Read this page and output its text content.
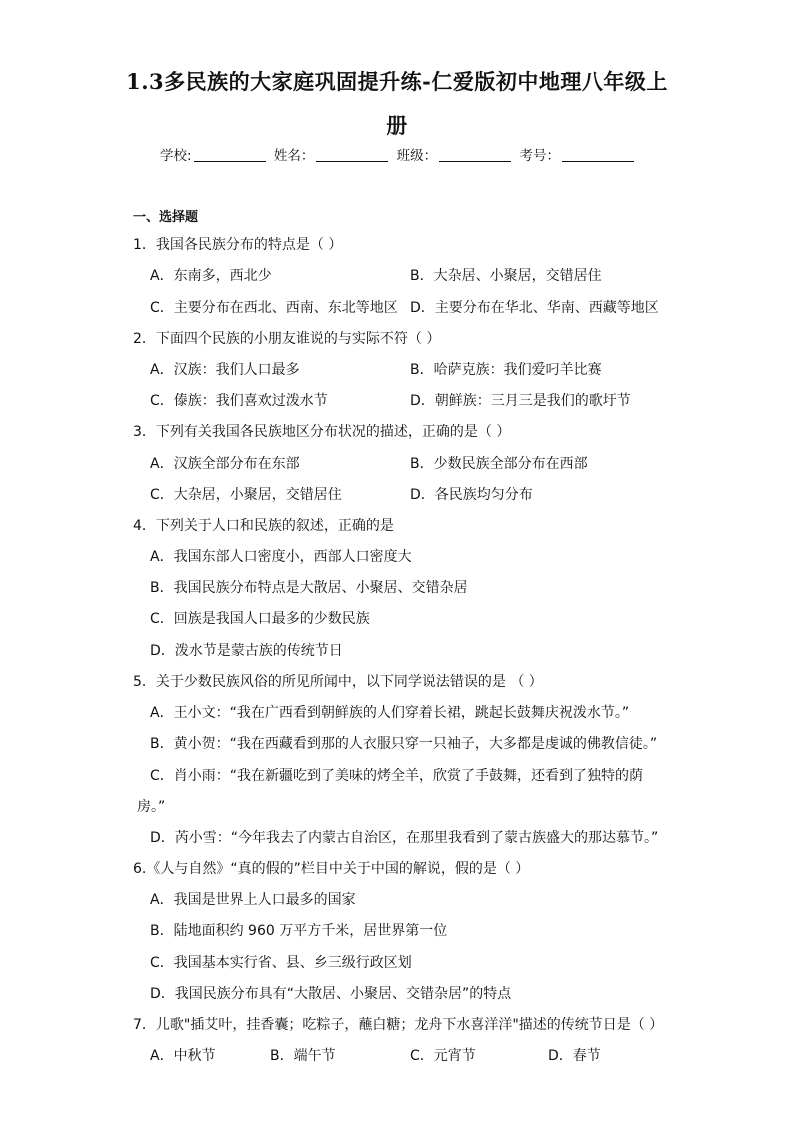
1.3多民族的大家庭巩固提升练-仁爱版初中地理八年级上
册
学校:	姓名：	班级：	考号：
一、选择题
1．我国各民族分布的特点是（ ）
A．东南多，西北少	B．大杂居、小聚居，交错居住
C．主要分布在西北、西南、东北等地区 D．主要分布在华北、华南、西藏等地区
2．下面四个民族的小朋友谁说的与实际不符（ ）
A．汉族：我们人口最多	B．哈萨克族：我们爱叼羊比赛
C．傣族：我们喜欢过泼水节	D．朝鲜族：三月三是我们的歌圩节
3．下列有关我国各民族地区分布状况的描述，正确的是（ ）
A．汉族全部分布在东部	B．少数民族全部分布在西部
C．大杂居，小聚居，交错居住	D．各民族均匀分布
4．下列关于人口和民族的叙述，正确的是
A．我国东部人口密度小，西部人口密度大
B．我国民族分布特点是大散居、小聚居、交错杂居
C．回族是我国人口最多的少数民族
D．泼水节是蒙古族的传统节日
5．关于少数民族风俗的所见所闻中，以下同学说法错误的是 （ ）
A．王小文：“我在广西看到朝鲜族的人们穿着长裙，跳起长鼓舞庆祝泼水节。”
B．黄小贺：“我在西藏看到那的人衣服只穿一只袖子，大多都是虔诚的佛教信徒。”
C．肖小雨：“我在新疆吃到了美味的烤全羊，欣赏了手鼓舞，还看到了独特的荫
房。”
D．芮小雪：“今年我去了内蒙古自治区，在那里我看到了蒙古族盛大的那达慕节。”
6.《人与自然》“真的假的”栏目中关于中国的解说，假的是（ ）
A．我国是世界上人口最多的国家
B．陆地面积约 960 万平方千米，居世界第一位
C．我国基本实行省、县、乡三级行政区划
D．我国民族分布具有“大散居、小聚居、交错杂居”的特点
7．儿歌"插艾叶，挂香囊；吃粽子，蘸白糖；龙舟下水喜洋洋"描述的传统节日是（ ）
A．中秋节	B．端午节	C．元宵节	D．春节
